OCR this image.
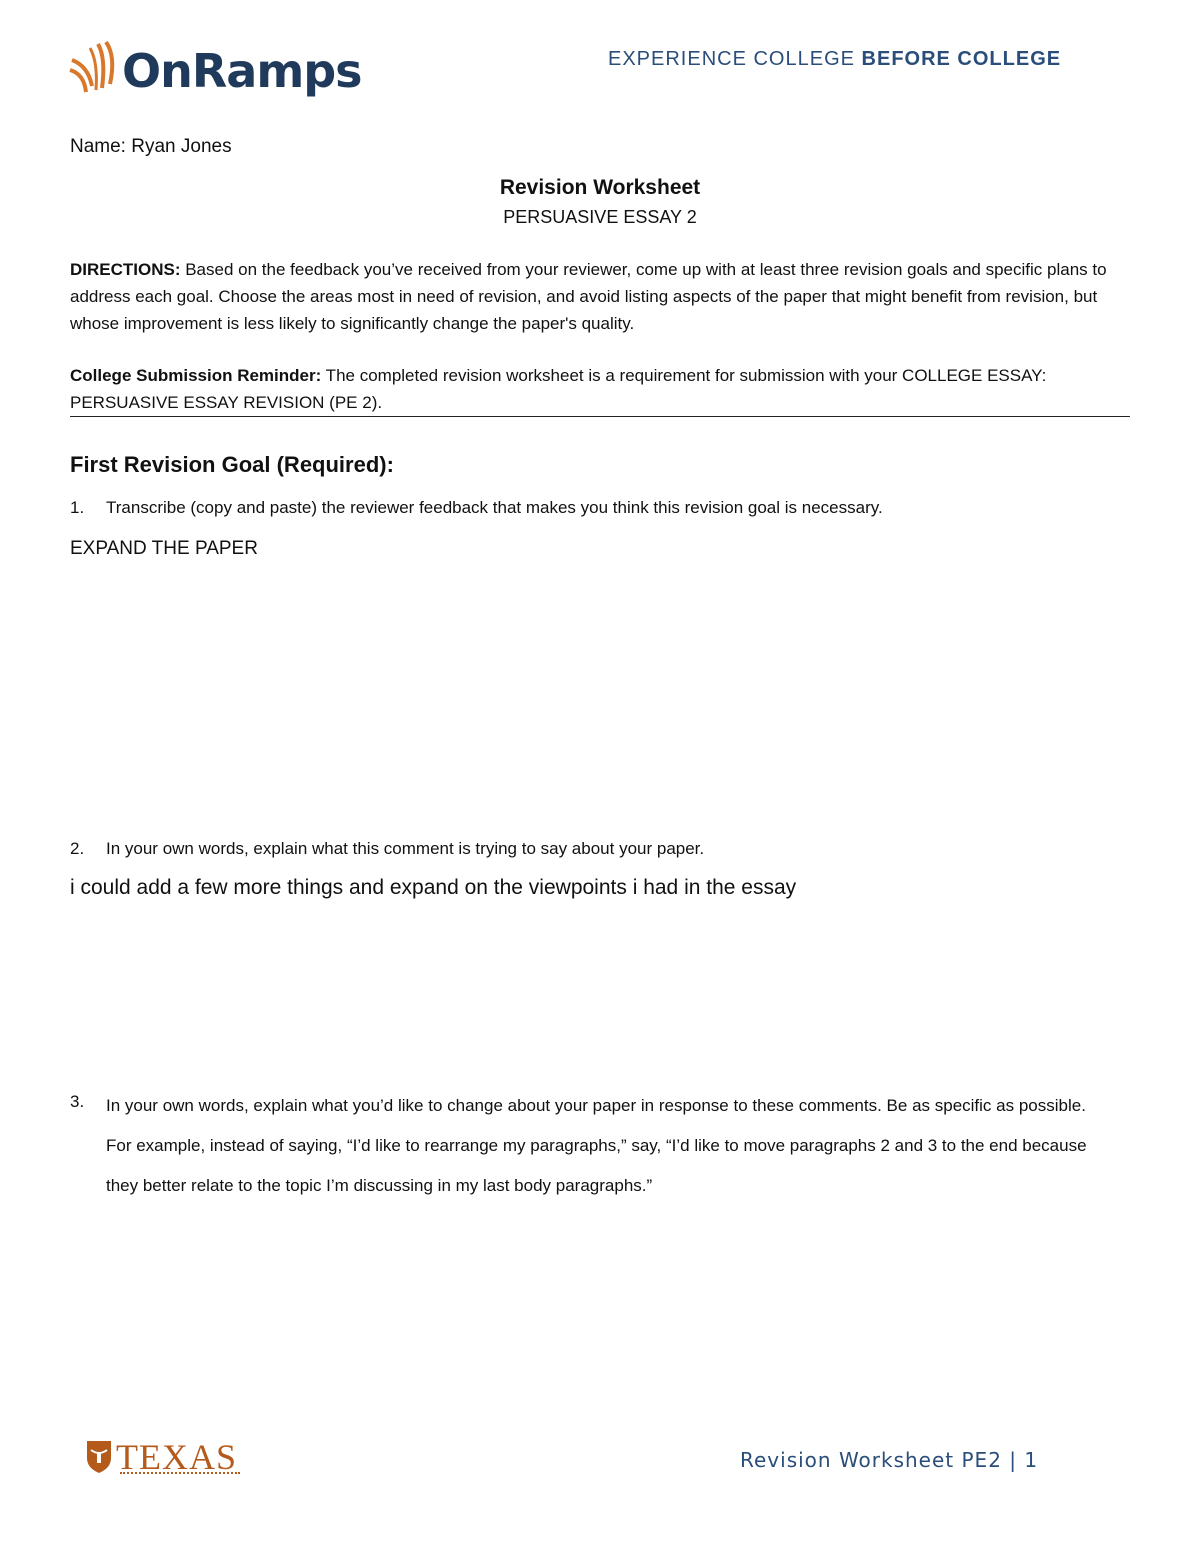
OnRamps	EXPERIENCE COLLEGE BEFORE COLLEGE
Name: Ryan Jones
Revision Worksheet
PERSUASIVE ESSAY 2
DIRECTIONS: Based on the feedback you’ve received from your reviewer, come up with at least three revision goals and specific plans to address each goal. Choose the areas most in need of revision, and avoid listing aspects of the paper that might benefit from revision, but whose improvement is less likely to significantly change the paper's quality.
College Submission Reminder: The completed revision worksheet is a requirement for submission with your COLLEGE ESSAY: PERSUASIVE ESSAY REVISION (PE 2).
First Revision Goal (Required):
1. Transcribe (copy and paste) the reviewer feedback that makes you think this revision goal is necessary.
EXPAND THE PAPER
2. In your own words, explain what this comment is trying to say about your paper.
i could add a few more things and expand on the viewpoints i had in the essay
3. In your own words, explain what you’d like to change about your paper in response to these comments. Be as specific as possible. For example, instead of saying, “I’d like to rearrange my paragraphs,” say, “I’d like to move paragraphs 2 and 3 to the end because they better relate to the topic I’m discussing in my last body paragraphs.”
TEXAS	Revision Worksheet PE2 | 1
